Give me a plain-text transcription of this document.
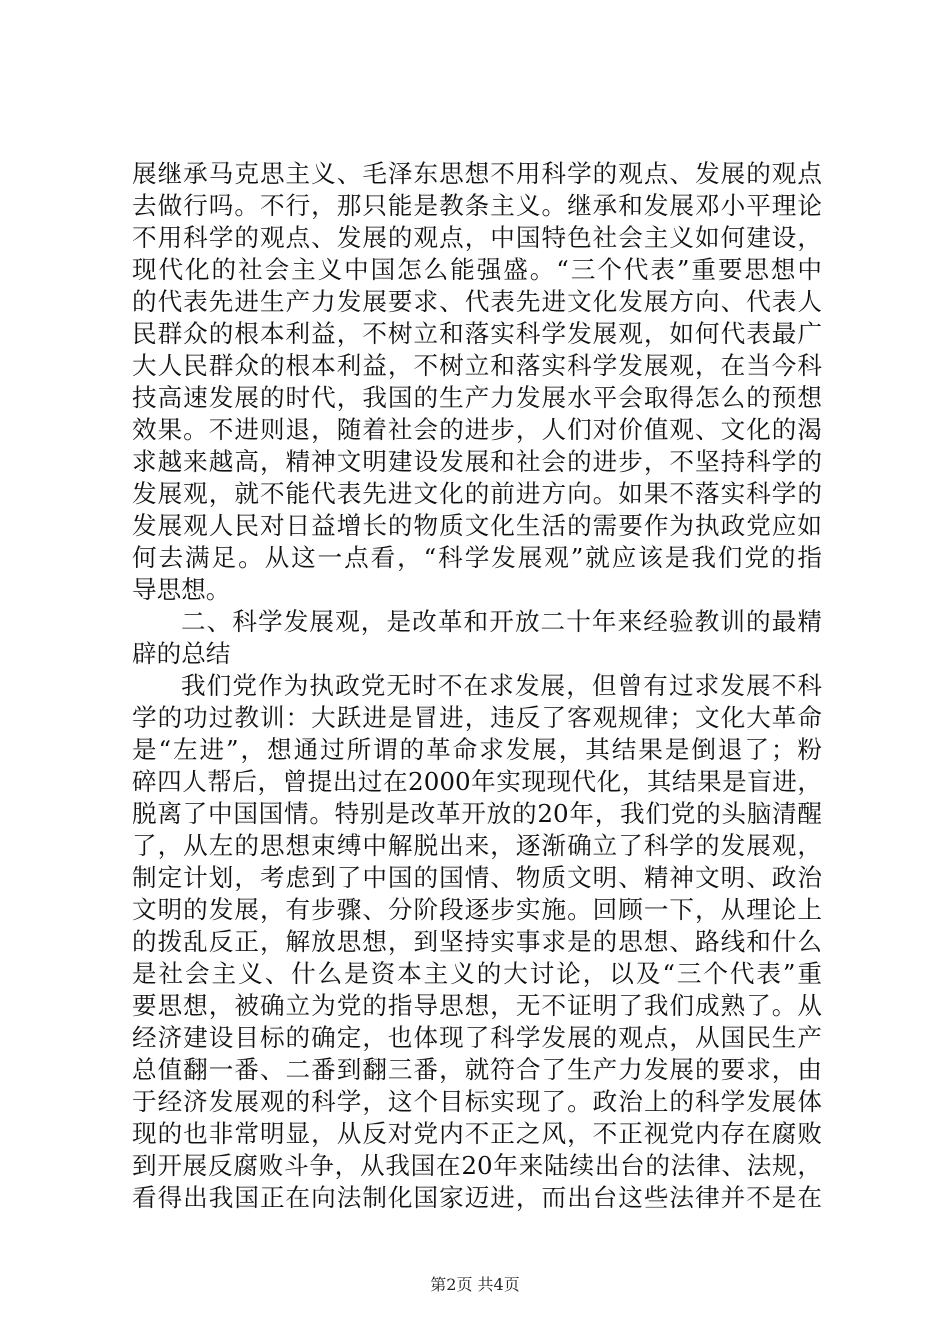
展继承马克思主义、毛泽东思想不用科学的观点、发展的观点
去做行吗。不行，那只能是教条主义。继承和发展邓小平理论
不用科学的观点、发展的观点，中国特色社会主义如何建设，
现代化的社会主义中国怎么能强盛。“三个代表”重要思想中
的代表先进生产力发展要求、代表先进文化发展方向、代表人
民群众的根本利益，不树立和落实科学发展观，如何代表最广
大人民群众的根本利益，不树立和落实科学发展观，在当今科
技高速发展的时代，我国的生产力发展水平会取得怎么的预想
效果。不进则退，随着社会的进步，人们对价值观、文化的渴
求越来越高，精神文明建设发展和社会的进步，不坚持科学的
发展观，就不能代表先进文化的前进方向。如果不落实科学的
发展观人民对日益增长的物质文化生活的需要作为执政党应如
何去满足。从这一点看，“科学发展观”就应该是我们党的指
导思想。
二、科学发展观，是改革和开放二十年来经验教训的最精
辟的总结
我们党作为执政党无时不在求发展，但曾有过求发展不科
学的功过教训：大跃进是冒进，违反了客观规律；文化大革命
是“左进”，想通过所谓的革命求发展，其结果是倒退了；粉
碎四人帮后，曾提出过在2000年实现现代化，其结果是盲进，
脱离了中国国情。特别是改革开放的20年，我们党的头脑清醒
了，从左的思想束缚中解脱出来，逐渐确立了科学的发展观，
制定计划，考虑到了中国的国情、物质文明、精神文明、政治
文明的发展，有步骤、分阶段逐步实施。回顾一下，从理论上
的拨乱反正，解放思想，到坚持实事求是的思想、路线和什么
是社会主义、什么是资本主义的大讨论，以及“三个代表”重
要思想，被确立为党的指导思想，无不证明了我们成熟了。从
经济建设目标的确定，也体现了科学发展的观点，从国民生产
总值翻一番、二番到翻三番，就符合了生产力发展的要求，由
于经济发展观的科学，这个目标实现了。政治上的科学发展体
现的也非常明显，从反对党内不正之风，不正视党内存在腐败
到开展反腐败斗争，从我国在20年来陆续出台的法律、法规，
看得出我国正在向法制化国家迈进，而出台这些法律并不是在
第2页 共4页
